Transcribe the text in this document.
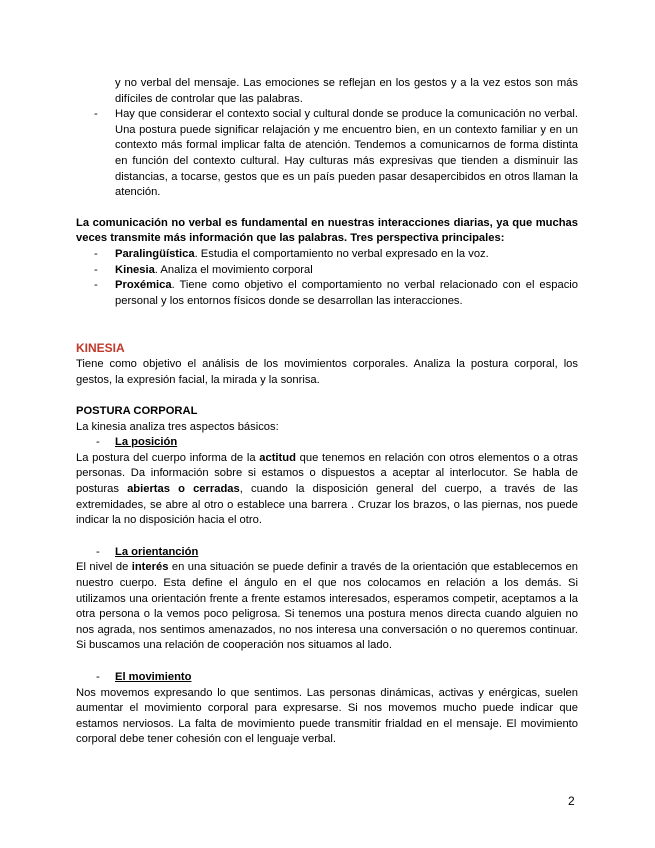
y no verbal del mensaje. Las emociones se reflejan en los gestos y a la vez estos son más difíciles de controlar que las palabras.

-	Hay que considerar el contexto social y cultural donde se produce la comunicación no verbal. Una postura puede significar relajación y me encuentro bien, en un contexto familiar y en un contexto más formal implicar falta de atención. Tendemos a comunicarnos de forma distinta en función del contexto cultural. Hay culturas más expresivas que tienden a disminuir las distancias, a tocarse, gestos que es un país pueden pasar desapercibidos en otros llaman la atención.

La comunicación no verbal es fundamental en nuestras interacciones diarias, ya que muchas veces transmite más información que las palabras. Tres perspectiva principales:

-	Paralingüística. Estudia el comportamiento no verbal expresado en la voz.
-	Kinesia. Analiza el movimiento corporal
-	Proxémica. Tiene como objetivo el comportamiento no verbal relacionado con el espacio personal y los entornos físicos donde se desarrollan las interacciones.
KINESIA

Tiene como objetivo el análisis de los movimientos corporales. Analiza la postura corporal, los gestos, la expresión facial, la mirada y la sonrisa.

POSTURA CORPORAL

La kinesia analiza tres aspectos básicos:

-	La posición

La postura del cuerpo informa de la actitud que tenemos en relación con otros elementos o a otras personas. Da información sobre si estamos o dispuestos a aceptar al interlocutor. Se habla de posturas abiertas o cerradas, cuando la disposición general del cuerpo, a través de las extremidades, se abre al otro o establece una barrera . Cruzar los brazos, o las piernas, nos puede indicar la no disposición hacia el otro.

-	La orientanción

El nivel de interés en una situación se puede definir a través de la orientación que establecemos en nuestro cuerpo. Esta define el ángulo en el que nos colocamos en relación a los demás. Si utilizamos una orientación frente a frente estamos interesados, esperamos competir, aceptamos a la otra persona o la vemos poco peligrosa. Si tenemos una postura menos directa cuando alguien no nos agrada, nos sentimos amenazados, no nos interesa una conversación o no queremos continuar. Si buscamos una relación de cooperación nos situamos al lado.

-	El movimiento

Nos movemos expresando lo que sentimos. Las personas dinámicas, activas y enérgicas, suelen aumentar el movimiento corporal para expresarse. Si nos movemos mucho puede indicar que estamos nerviosos. La falta de movimiento puede transmitir frialdad en el mensaje. El movimiento corporal debe tener cohesión con el lenguaje verbal.

2
